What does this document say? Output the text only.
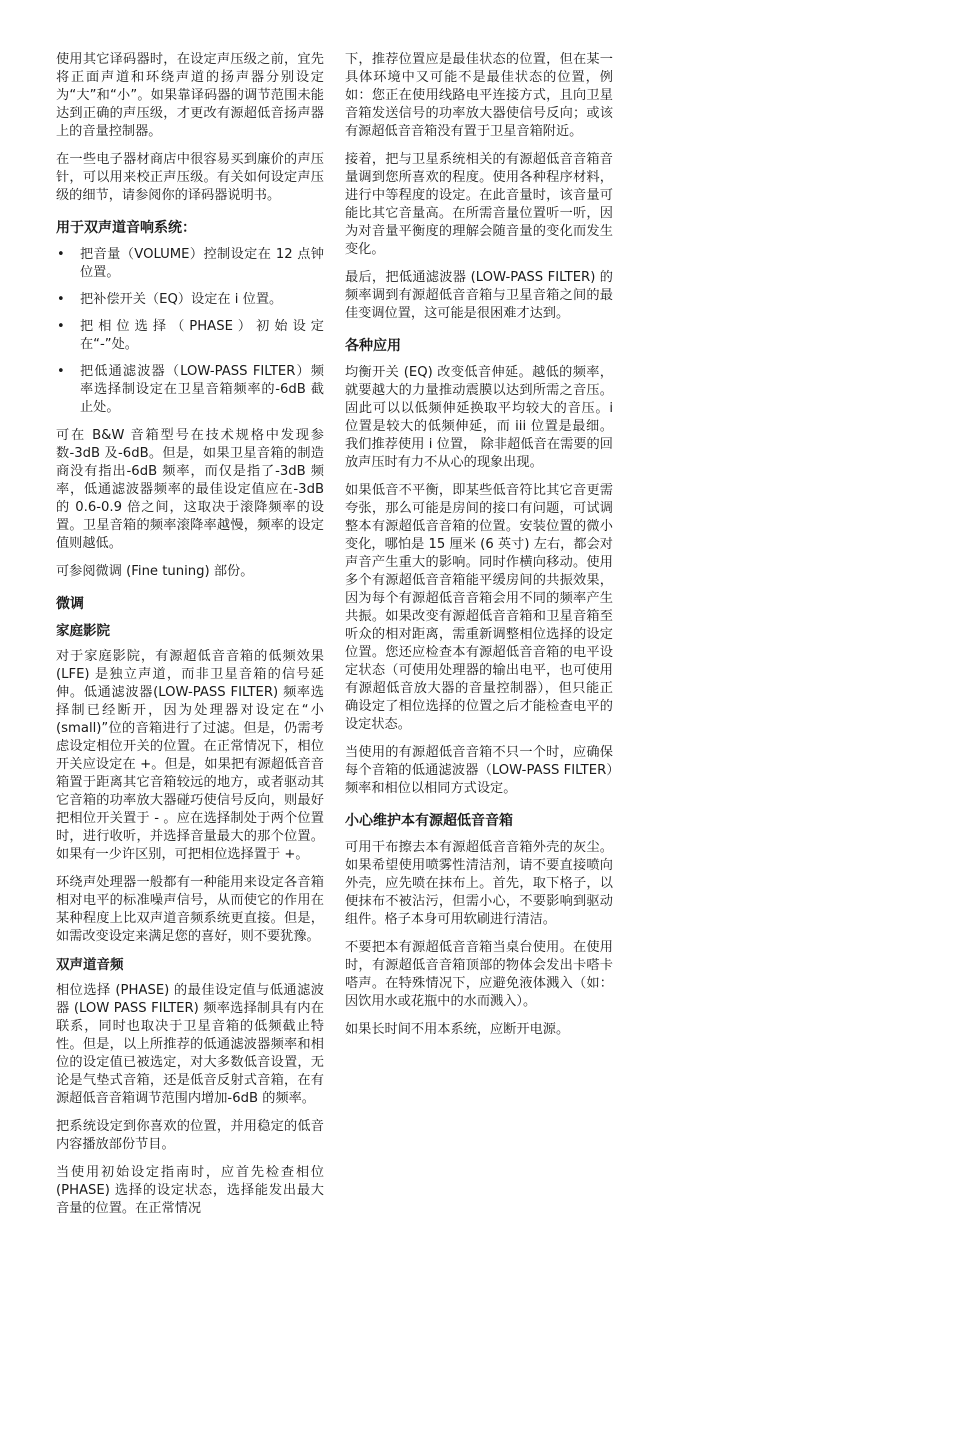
使用其它译码器时，在设定声压级之前，宜先将正面声道和环绕声道的扬声器分别设定为“大”和“小”。如果靠译码器的调节范围未能达到正确的声压级，才更改有源超低音扬声器上的音量控制器。

在一些电子器材商店中很容易买到廉价的声压针，可以用来校正声压级。有关如何设定声压级的细节，请参阅你的译码器说明书。

用于双声道音响系统：
• 把音量（VOLUME）控制设定在 12 点钟位置。
• 把补偿开关（EQ）设定在 i 位置。
• 把相位选择（PHASE）初始设定在“-”处。
• 把低通滤波器（LOW-PASS FILTER）频率选择制设定在卫星音箱频率的-6dB 截止处。

可在 B&W 音箱型号在技术规格中发现参数-3dB 及-6dB。但是，如果卫星音箱的制造商没有指出-6dB 频率，而仅是指了-3dB 频率，低通滤波器频率的最佳设定值应在-3dB 的 0.6-0.9 倍之间，这取决于滚降频率的设置。卫星音箱的频率滚降率越慢，频率的设定值则越低。

可参阅微调 (Fine tuning) 部份。

微调
家庭影院

对于家庭影院，有源超低音音箱的低频效果 (LFE) 是独立声道，而非卫星音箱的信号延伸。低通滤波器(LOW-PASS FILTER) 频率选择制已经断开，因为处理器对设定在“小 (small)”位的音箱进行了过滤。但是，仍需考虑设定相位开关的位置。在正常情况下，相位开关应设定在 +。但是，如果把有源超低音音箱置于距离其它音箱较远的地方，或者驱动其它音箱的功率放大器碰巧使信号反向，则最好把相位开关置于 - 。应在选择制处于两个位置时，进行收听，并选择音量最大的那个位置。如果有一少许区别，可把相位选择置于 +。

环绕声处理器一般都有一种能用来设定各音箱相对电平的标准噪声信号，从而使它的作用在某种程度上比双声道音频系统更直接。但是，如需改变设定来满足您的喜好，则不要犹豫。

双声道音频

相位选择 (PHASE) 的最佳设定值与低通滤波器 (LOW PASS FILTER) 频率选择制具有内在联系，同时也取决于卫星音箱的低频截止特性。但是，以上所推荐的低通滤波器频率和相位的设定值已被选定，对大多数低音设置，无论是气垫式音箱，还是低音反射式音箱，在有源超低音音箱调节范围内增加-6dB 的频率。

把系统设定到你喜欢的位置，并用稳定的低音内容播放部份节目。

当使用初始设定指南时，应首先检查相位 (PHASE) 选择的设定状态，选择能发出最大音量的位置。在正常情况

下，推荐位置应是最佳状态的位置，但在某一具体环境中又可能不是最佳状态的位置，例如：您正在使用线路电平连接方式，且向卫星音箱发送信号的功率放大器使信号反向；或该有源超低音音箱没有置于卫星音箱附近。

接着，把与卫星系统相关的有源超低音音箱音量调到您所喜欢的程度。使用各种程序材料，进行中等程度的设定。在此音量时，该音量可能比其它音量高。在所需音量位置听一听，因为对音量平衡度的理解会随音量的变化而发生变化。

最后，把低通滤波器 (LOW-PASS FILTER) 的频率调到有源超低音音箱与卫星音箱之间的最佳变调位置，这可能是很困难才达到。

各种应用

均衡开关 (EQ) 改变低音伸延。越低的频率，就要越大的力量推动震膜以达到所需之音压。 固此可以以低频伸延换取平均较大的音压。i 位置是较大的低频伸延，而 iii 位置是最细。我们推荐使用 i 位置， 除非超低音在需要的回放声压时有力不从心的现象出现。

如果低音不平衡，即某些低音符比其它音更需夸张，那么可能是房间的接口有问题，可试调整本有源超低音音箱的位置。安装位置的微小变化，哪怕是 15 厘米 (6 英寸) 左右，都会对声音产生重大的影响。同时作横向移动。使用多个有源超低音音箱能平缓房间的共振效果，因为每个有源超低音音箱会用不同的频率产生共振。如果改变有源超低音音箱和卫星音箱至听众的相对距离，需重新调整相位选择的设定位置。您还应检查本有源超低音音箱的电平设定状态（可使用处理器的输出电平，也可使用有源超低音放大器的音量控制器），但只能正确设定了相位选择的位置之后才能检查电平的设定状态。

当使用的有源超低音音箱不只一个时，应确保每个音箱的低通滤波器（LOW-PASS FILTER）频率和相位以相同方式设定。

小心维护本有源超低音音箱

可用干布擦去本有源超低音音箱外壳的灰尘。如果希望使用喷雾性清洁剂，请不要直接喷向外壳，应先喷在抹布上。首先，取下格子，以便抹布不被沾污，但需小心，不要影响到驱动组件。格子本身可用软刷进行清洁。

不要把本有源超低音音箱当桌台使用。在使用时，有源超低音音箱顶部的物体会发出卡嗒卡嗒声。在特殊情况下，应避免液体溅入（如：因饮用水或花瓶中的水而溅入）。

如果长时间不用本系统，应断开电源。
